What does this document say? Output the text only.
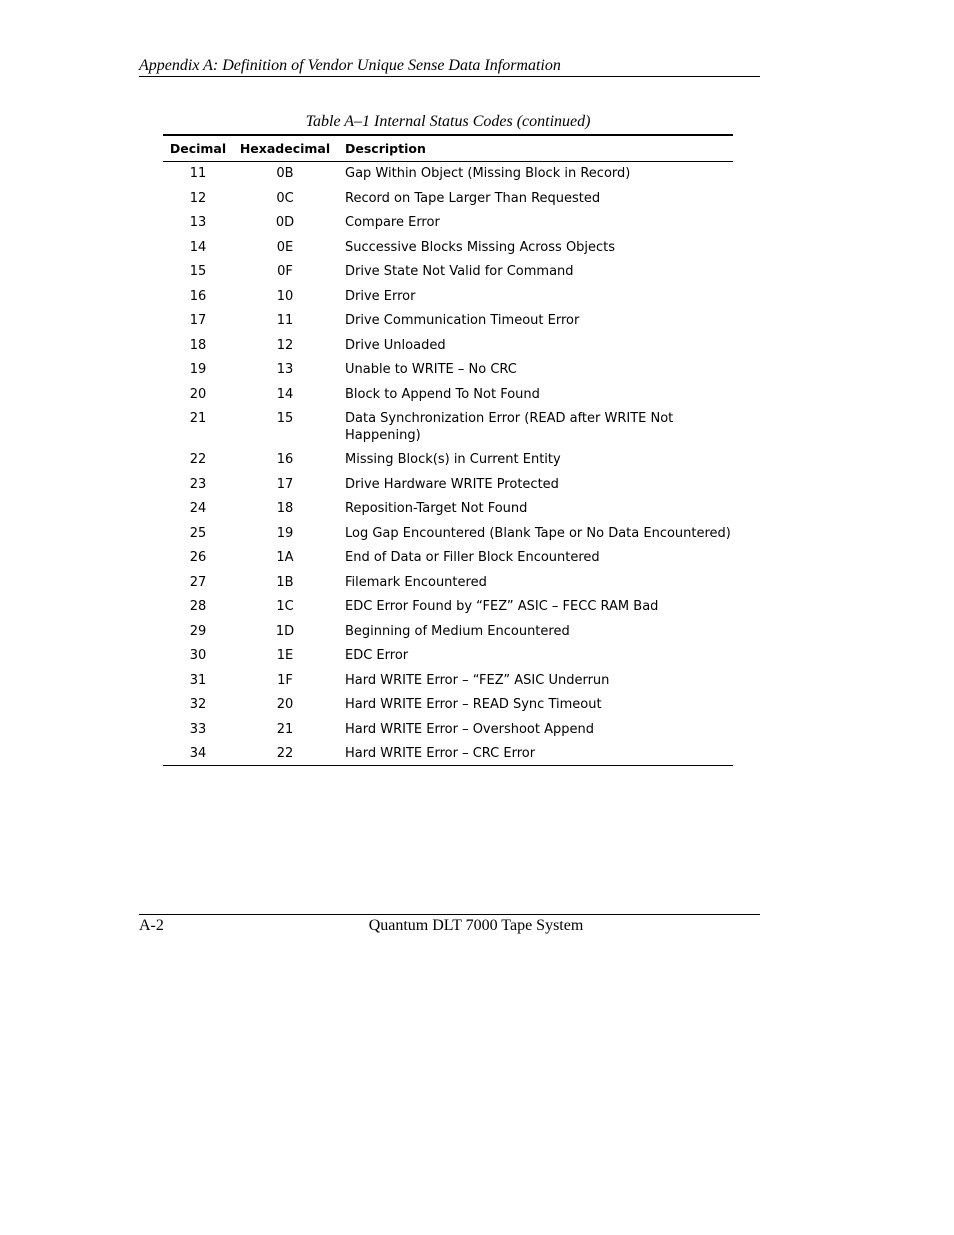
Appendix A: Definition of Vendor Unique Sense Data Information
Table A–1 Internal Status Codes (continued)
Decimal	Hexadecimal	Description
11	0B	Gap Within Object (Missing Block in Record)
12	0C	Record on Tape Larger Than Requested
13	0D	Compare Error
14	0E	Successive Blocks Missing Across Objects
15	0F	Drive State Not Valid for Command
16	10	Drive Error
17	11	Drive Communication Timeout Error
18	12	Drive Unloaded
19	13	Unable to WRITE – No CRC
20	14	Block to Append To Not Found
21	15	Data Synchronization Error (READ after WRITE Not Happening)
22	16	Missing Block(s) in Current Entity
23	17	Drive Hardware WRITE Protected
24	18	Reposition-Target Not Found
25	19	Log Gap Encountered (Blank Tape or No Data Encountered)
26	1A	End of Data or Filler Block Encountered
27	1B	Filemark Encountered
28	1C	EDC Error Found by “FEZ” ASIC – FECC RAM Bad
29	1D	Beginning of Medium Encountered
30	1E	EDC Error
31	1F	Hard WRITE Error – “FEZ” ASIC Underrun
32	20	Hard WRITE Error – READ Sync Timeout
33	21	Hard WRITE Error – Overshoot Append
34	22	Hard WRITE Error – CRC Error
A-2	Quantum DLT 7000 Tape System
